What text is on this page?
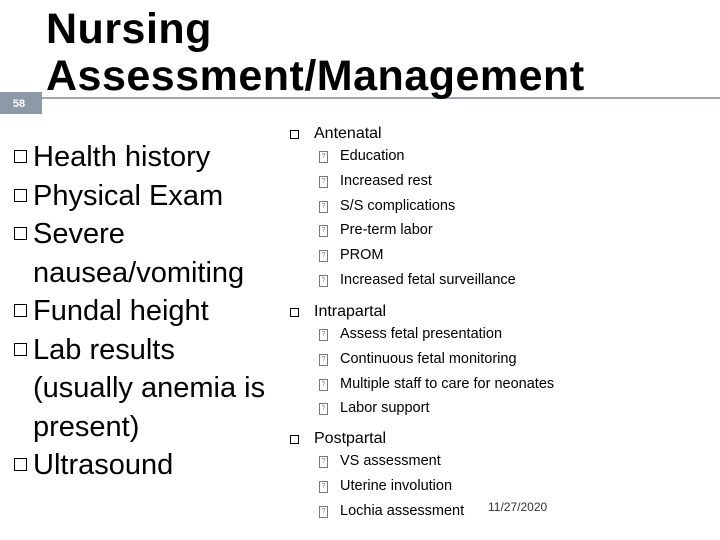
58
Nursing
Assessment/Management
Health history
Physical Exam
Severe nausea/vomiting
Fundal height
Lab results (usually anemia is present)
Ultrasound
Antenatal
? Education
? Increased rest
? S/S complications
? Pre-term labor
? PROM
? Increased fetal surveillance
Intrapartal
? Assess fetal presentation
? Continuous fetal monitoring
? Multiple staff to care for neonates
? Labor support
Postpartal
? VS assessment
? Uterine involution
? Lochia assessment	11/27/2020
